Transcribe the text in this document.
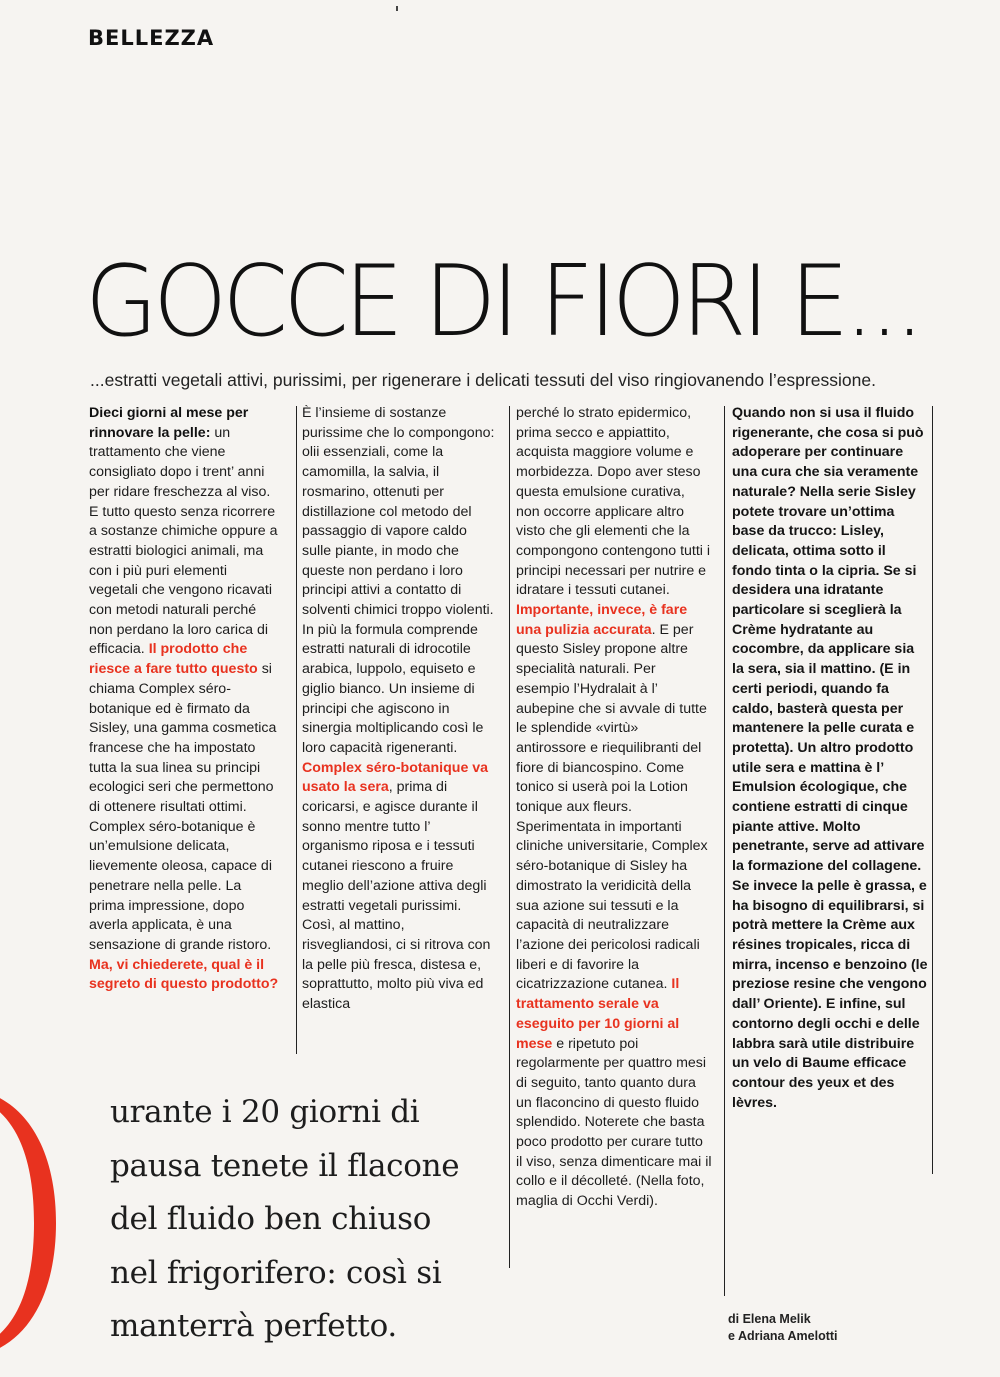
BELLEZZA
GOCCE DI FIORI E...
...estratti vegetali attivi, purissimi, per rigenerare i delicati tessuti del viso ringiovanendo l’espressione.

Dieci giorni al mese per rinnovare la pelle: un trattamento che viene consigliato dopo i trent’ anni per ridare freschezza al viso. E tutto questo senza ricorrere a sostanze chimiche oppure a estratti biologici animali, ma con i più puri elementi vegetali che vengono ricavati con metodi naturali perché non perdano la loro carica di efficacia. Il prodotto che riesce a fare tutto questo si chiama Complex séro-botanique ed è firmato da Sisley, una gamma cosmetica francese che ha impostato tutta la sua linea su principi ecologici seri che permettono di ottenere risultati ottimi. Complex séro-botanique è un’emulsione delicata, lievemente oleosa, capace di penetrare nella pelle. La prima impressione, dopo averla applicata, è una sensazione di grande ristoro. Ma, vi chiederete, qual è il segreto di questo prodotto?

È l’insieme di sostanze purissime che lo compongono: olii essenziali, come la camomilla, la salvia, il rosmarino, ottenuti per distillazione col metodo del passaggio di vapore caldo sulle piante, in modo che queste non perdano i loro principi attivi a contatto di solventi chimici troppo violenti. In più la formula comprende estratti naturali di idrocotile arabica, luppolo, equiseto e giglio bianco. Un insieme di principi che agiscono in sinergia moltiplicando così le loro capacità rigeneranti. Complex séro-botanique va usato la sera, prima di coricarsi, e agisce durante il sonno mentre tutto l’ organismo riposa e i tessuti cutanei riescono a fruire meglio dell’azione attiva degli estratti vegetali purissimi. Così, al mattino, risvegliandosi, ci si ritrova con la pelle più fresca, distesa e, soprattutto, molto più viva ed elastica

perché lo strato epidermico, prima secco e appiattito, acquista maggiore volume e morbidezza. Dopo aver steso questa emulsione curativa, non occorre applicare altro visto che gli elementi che la compongono contengono tutti i principi necessari per nutrire e idratare i tessuti cutanei. Importante, invece, è fare una pulizia accurata. E per questo Sisley propone altre specialità naturali. Per esempio l’Hydralait à l’ aubepine che si avvale di tutte le splendide «virtù» antirossore e riequilibranti del fiore di biancospino. Come tonico si userà poi la Lotion tonique aux fleurs. Sperimentata in importanti cliniche universitarie, Complex séro-botanique di Sisley ha dimostrato la veridicità della sua azione sui tessuti e la capacità di neutralizzare l’azione dei pericolosi radicali liberi e di favorire la cicatrizzazione cutanea. Il trattamento serale va eseguito per 10 giorni al mese e ripetuto poi regolarmente per quattro mesi di seguito, tanto quanto dura un flaconcino di questo fluido splendido. Noterete che basta poco prodotto per curare tutto il viso, senza dimenticare mai il collo e il décolleté. (Nella foto, maglia di Occhi Verdi).

Quando non si usa il fluido rigenerante, che cosa si può adoperare per continuare una cura che sia veramente naturale? Nella serie Sisley potete trovare un’ottima base da trucco: Lisley, delicata, ottima sotto il fondo tinta o la cipria. Se si desidera una idratante particolare si sceglierà la Crème hydratante au cocombre, da applicare sia la sera, sia il mattino. (E in certi periodi, quando fa caldo, basterà questa per mantenere la pelle curata e protetta). Un altro prodotto utile sera e mattina è l’ Emulsion écologique, che contiene estratti di cinque piante attive. Molto penetrante, serve ad attivare la formazione del collagene. Se invece la pelle è grassa, e ha bisogno di equilibrarsi, si potrà mettere la Crème aux résines tropicales, ricca di mirra, incenso e benzoino (le preziose resine che vengono dall’ Oriente). E infine, sul contorno degli occhi e delle labbra sarà utile distribuire un velo di Baume efficace contour des yeux et des lèvres.

urante i 20 giorni di

pausa tenete il flacone

del fluido ben chiuso

nel frigorifero: così si

manterrà perfetto.	di Elena Melik
e Adriana Amelotti
